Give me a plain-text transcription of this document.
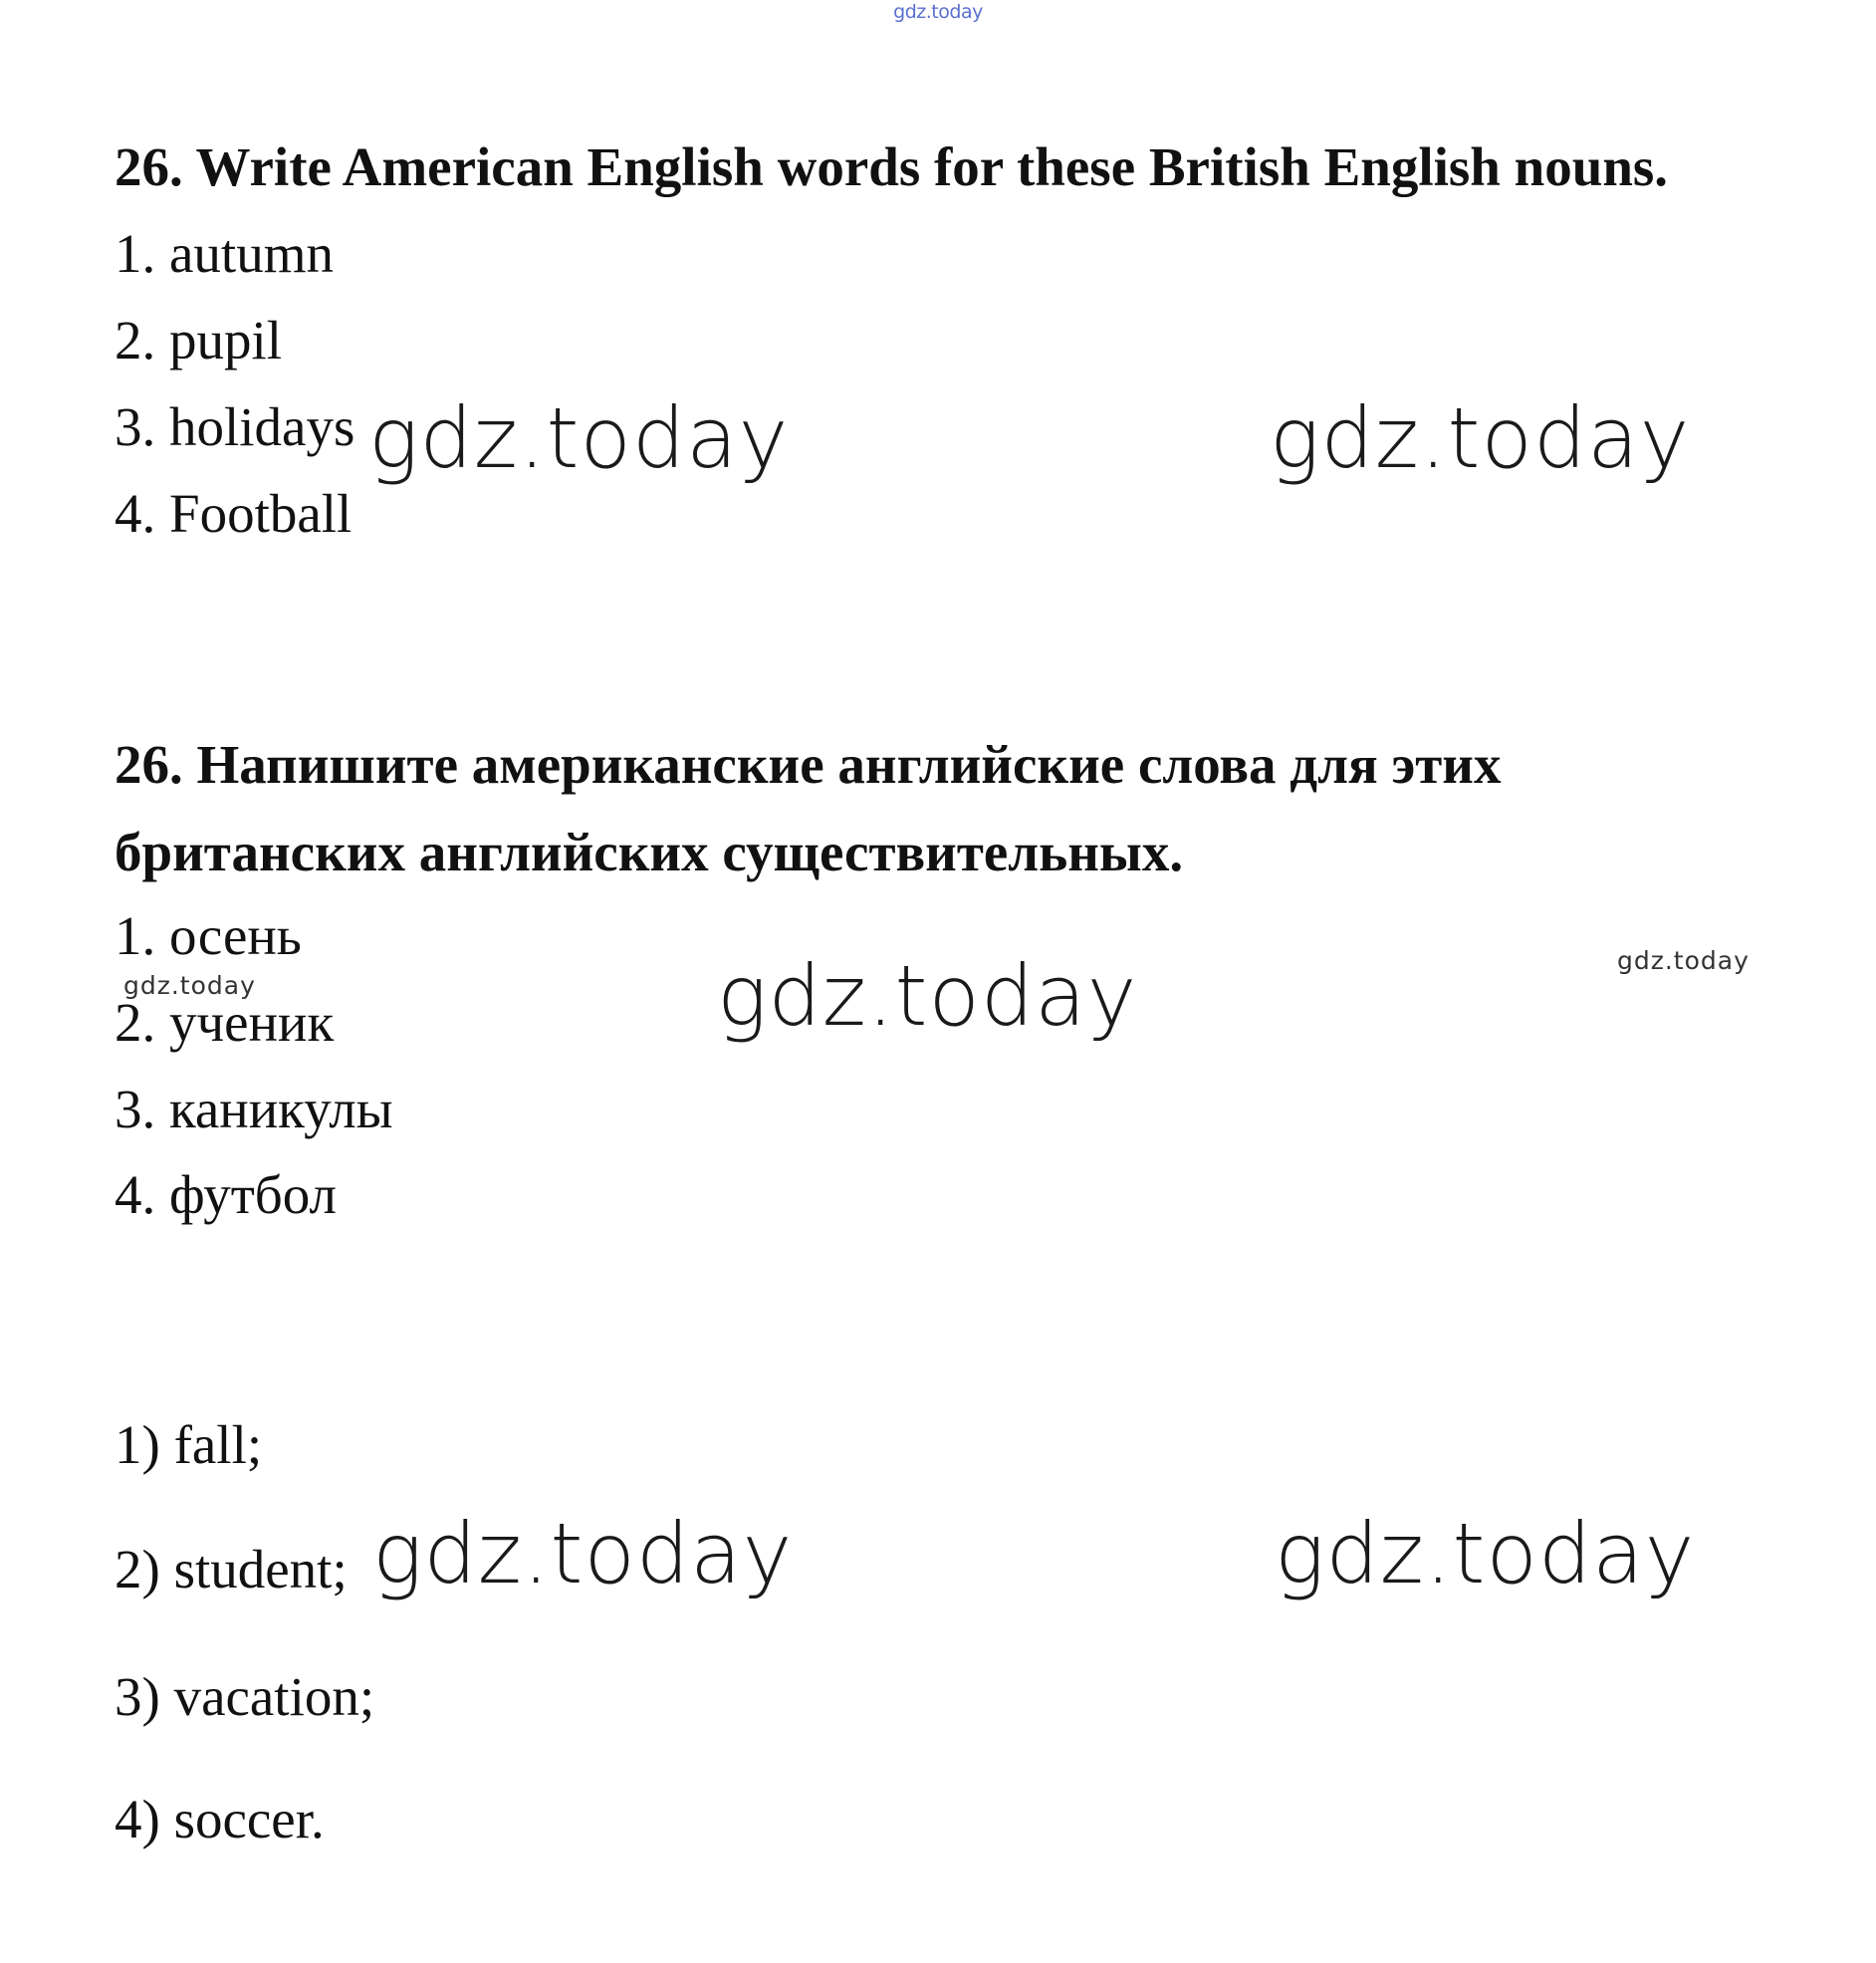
gdz.today
26. Write American English words for these British English nouns.
1. autumn
2. pupil
3. holidays
4. Football
gdz.today	gdz.today
26. Напишите американские английские слова для этих
британских английских существительных.
1. осень
2. ученик
3. каникулы
4. футбол
gdz.today	gdz.today	gdz.today
1) fall;
2) student;
3) vacation;
4) soccer.
gdz.today	gdz.today
